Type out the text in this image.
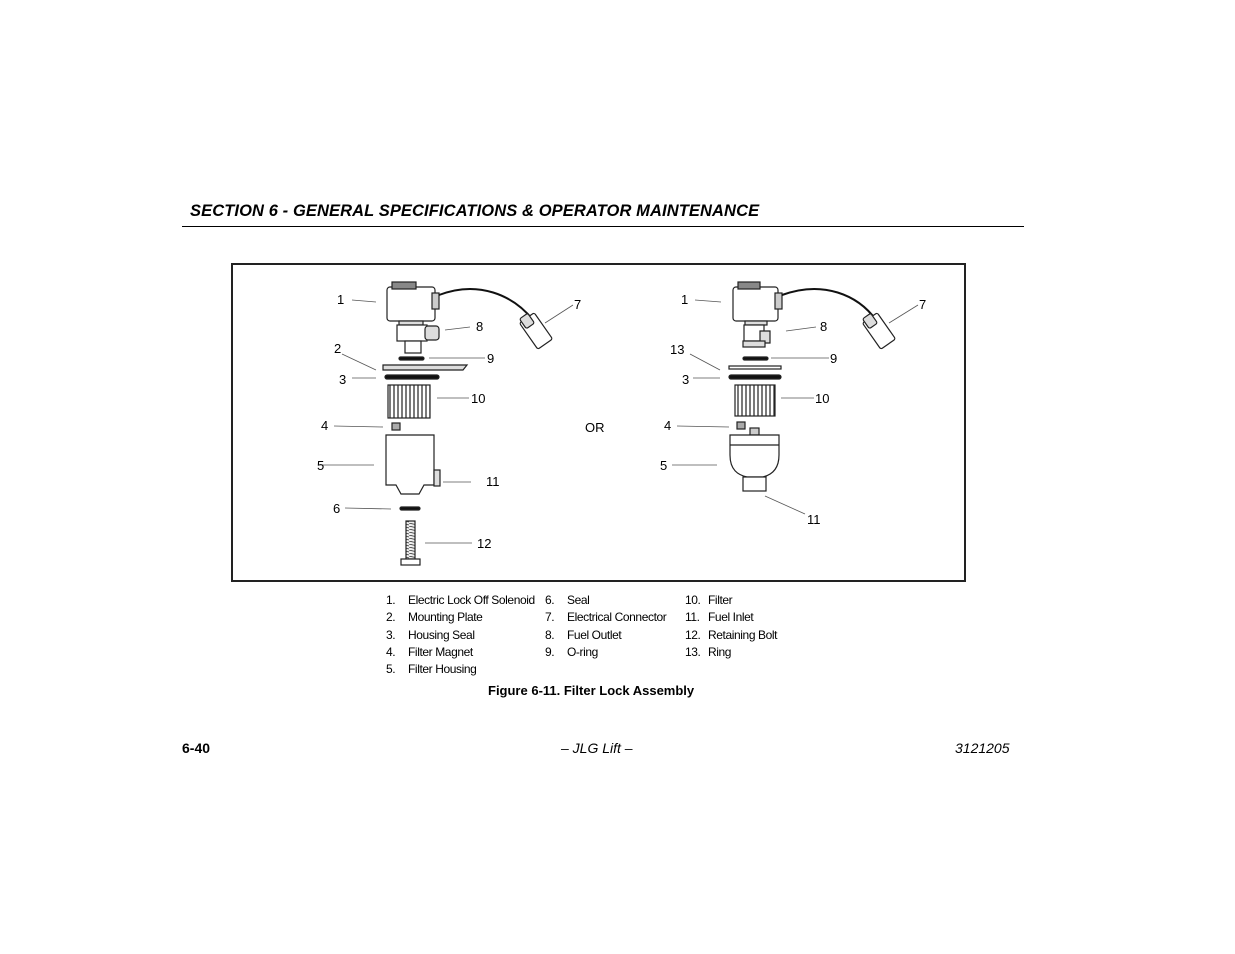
SECTION 6 - GENERAL SPECIFICATIONS & OPERATOR MAINTENANCE
1
2
3
4
5
6
7
8
9
10
11
12
OR
1
13
3
4
5
7
8
9
10
11
1. Electric Lock Off Solenoid
2. Mounting Plate
3. Housing Seal
4. Filter Magnet
5. Filter Housing
6. Seal
7. Electrical Connector
8. Fuel Outlet
9. O-ring
10. Filter
11. Fuel Inlet
12. Retaining Bolt
13. Ring
Figure 6-11. Filter Lock Assembly
6-40	– JLG Lift –	3121205
